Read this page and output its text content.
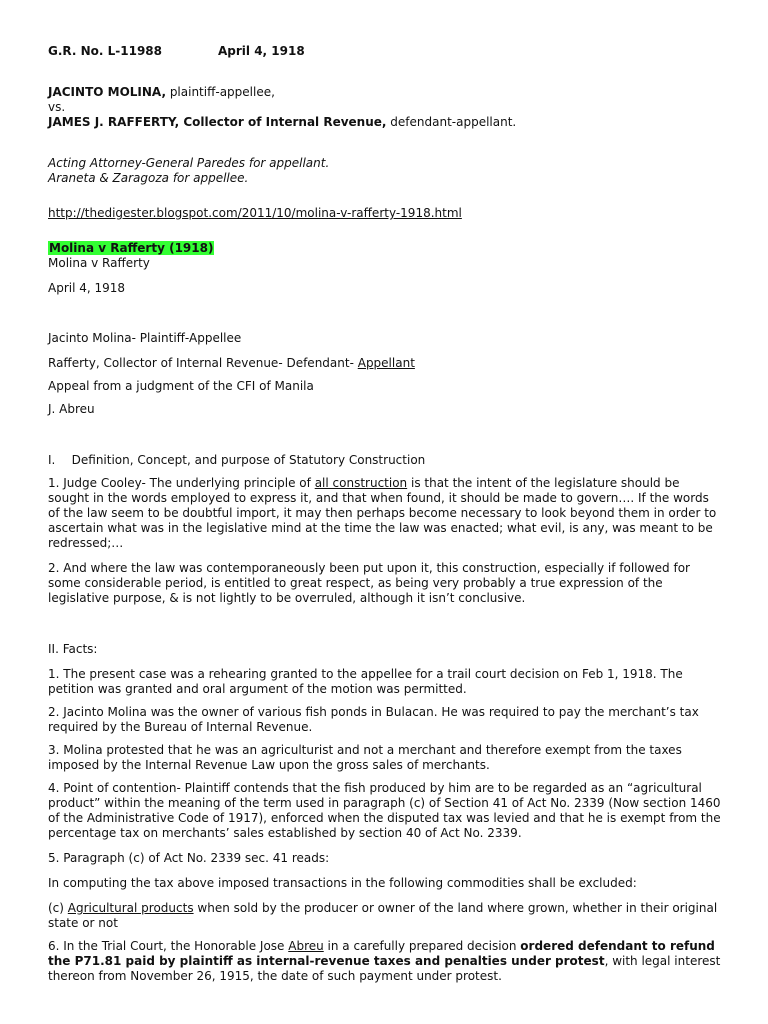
G.R. No. L-11988	April 4, 1918

JACINTO MOLINA, plaintiff-appellee,

vs.

JAMES J. RAFFERTY, Collector of Internal Revenue, defendant-appellant.

Acting Attorney-General Paredes for appellant.

Araneta & Zaragoza for appellee.

http://thedigester.blogspot.com/2011/10/molina-v-rafferty-1918.html

Molina v Rafferty (1918)

Molina v Rafferty

April 4, 1918

Jacinto Molina- Plaintiff-Appellee

Rafferty, Collector of Internal Revenue- Defendant- Appellant

Appeal from a judgment of the CFI of Manila

J. Abreu

I. Definition, Concept, and purpose of Statutory Construction

1. Judge Cooley- The underlying principle of all construction is that the intent of the legislature should be sought in the words employed to express it, and that when found, it should be made to govern…. If the words of the law seem to be doubtful import, it may then perhaps become necessary to look beyond them in order to ascertain what was in the legislative mind at the time the law was enacted; what evil, is any, was meant to be redressed;…

2. And where the law was contemporaneously been put upon it, this construction, especially if followed for some considerable period, is entitled to great respect, as being very probably a true expression of the legislative purpose, & is not lightly to be overruled, although it isn’t conclusive.

II. Facts:

1. The present case was a rehearing granted to the appellee for a trail court decision on Feb 1, 1918. The petition was granted and oral argument of the motion was permitted.

2. Jacinto Molina was the owner of various fish ponds in Bulacan. He was required to pay the merchant’s tax required by the Bureau of Internal Revenue.

3. Molina protested that he was an agriculturist and not a merchant and therefore exempt from the taxes imposed by the Internal Revenue Law upon the gross sales of merchants.

4. Point of contention- Plaintiff contends that the fish produced by him are to be regarded as an “agricultural product” within the meaning of the term used in paragraph (c) of Section 41 of Act No. 2339 (Now section 1460 of the Administrative Code of 1917), enforced when the disputed tax was levied and that he is exempt from the percentage tax on merchants’ sales established by section 40 of Act No. 2339.

5. Paragraph (c) of Act No. 2339 sec. 41 reads:

In computing the tax above imposed transactions in the following commodities shall be excluded:

(c) Agricultural products when sold by the producer or owner of the land where grown, whether in their original state or not

6. In the Trial Court, the Honorable Jose Abreu in a carefully prepared decision ordered defendant to refund the P71.81 paid by plaintiff as internal-revenue taxes and penalties under protest, with legal interest thereon from November 26, 1915, the date of such payment under protest.
